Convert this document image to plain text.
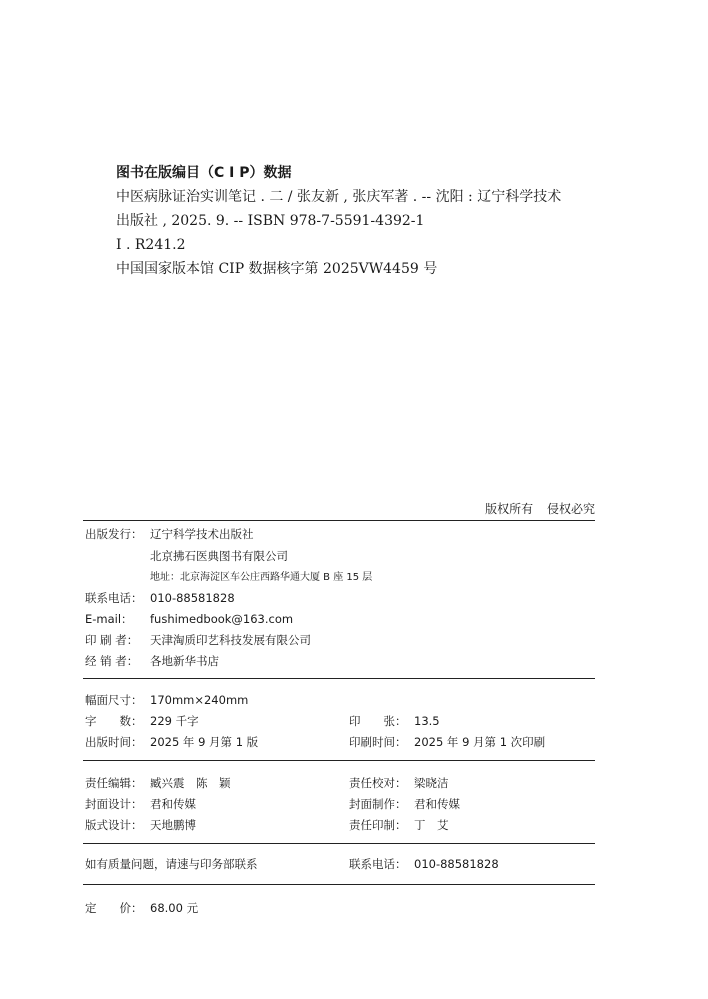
图书在版编目（C I P）数据
中医病脉证治实训笔记 . 二 / 张友新 , 张庆军著 . -- 沈阳 : 辽宁科学技术
出版社 , 2025. 9. -- ISBN 978-7-5591-4392-1
Ⅰ . R241.2
中国国家版本馆 CIP 数据核字第 2025VW4459 号
版权所有 侵权必究
出版发行： 辽宁科学技术出版社
北京拂石医典图书有限公司
地址：北京海淀区车公庄西路华通大厦 B 座 15 层
联系电话： 010-88581828
E-mail： fushimedbook@163.com
印 刷 者： 天津淘质印艺科技发展有限公司
经 销 者： 各地新华书店
幅面尺寸： 170mm×240mm
字　　数： 229 千字	印　　张： 13.5
出版时间： 2025 年 9 月第 1 版	印刷时间： 2025 年 9 月第 1 次印刷
责任编辑： 臧兴震　陈　颖	责任校对： 梁晓洁
封面设计： 君和传媒	封面制作： 君和传媒
版式设计： 天地鹏博	责任印制： 丁　艾
如有质量问题，请速与印务部联系	联系电话： 010-88581828
定　　价： 68.00 元
